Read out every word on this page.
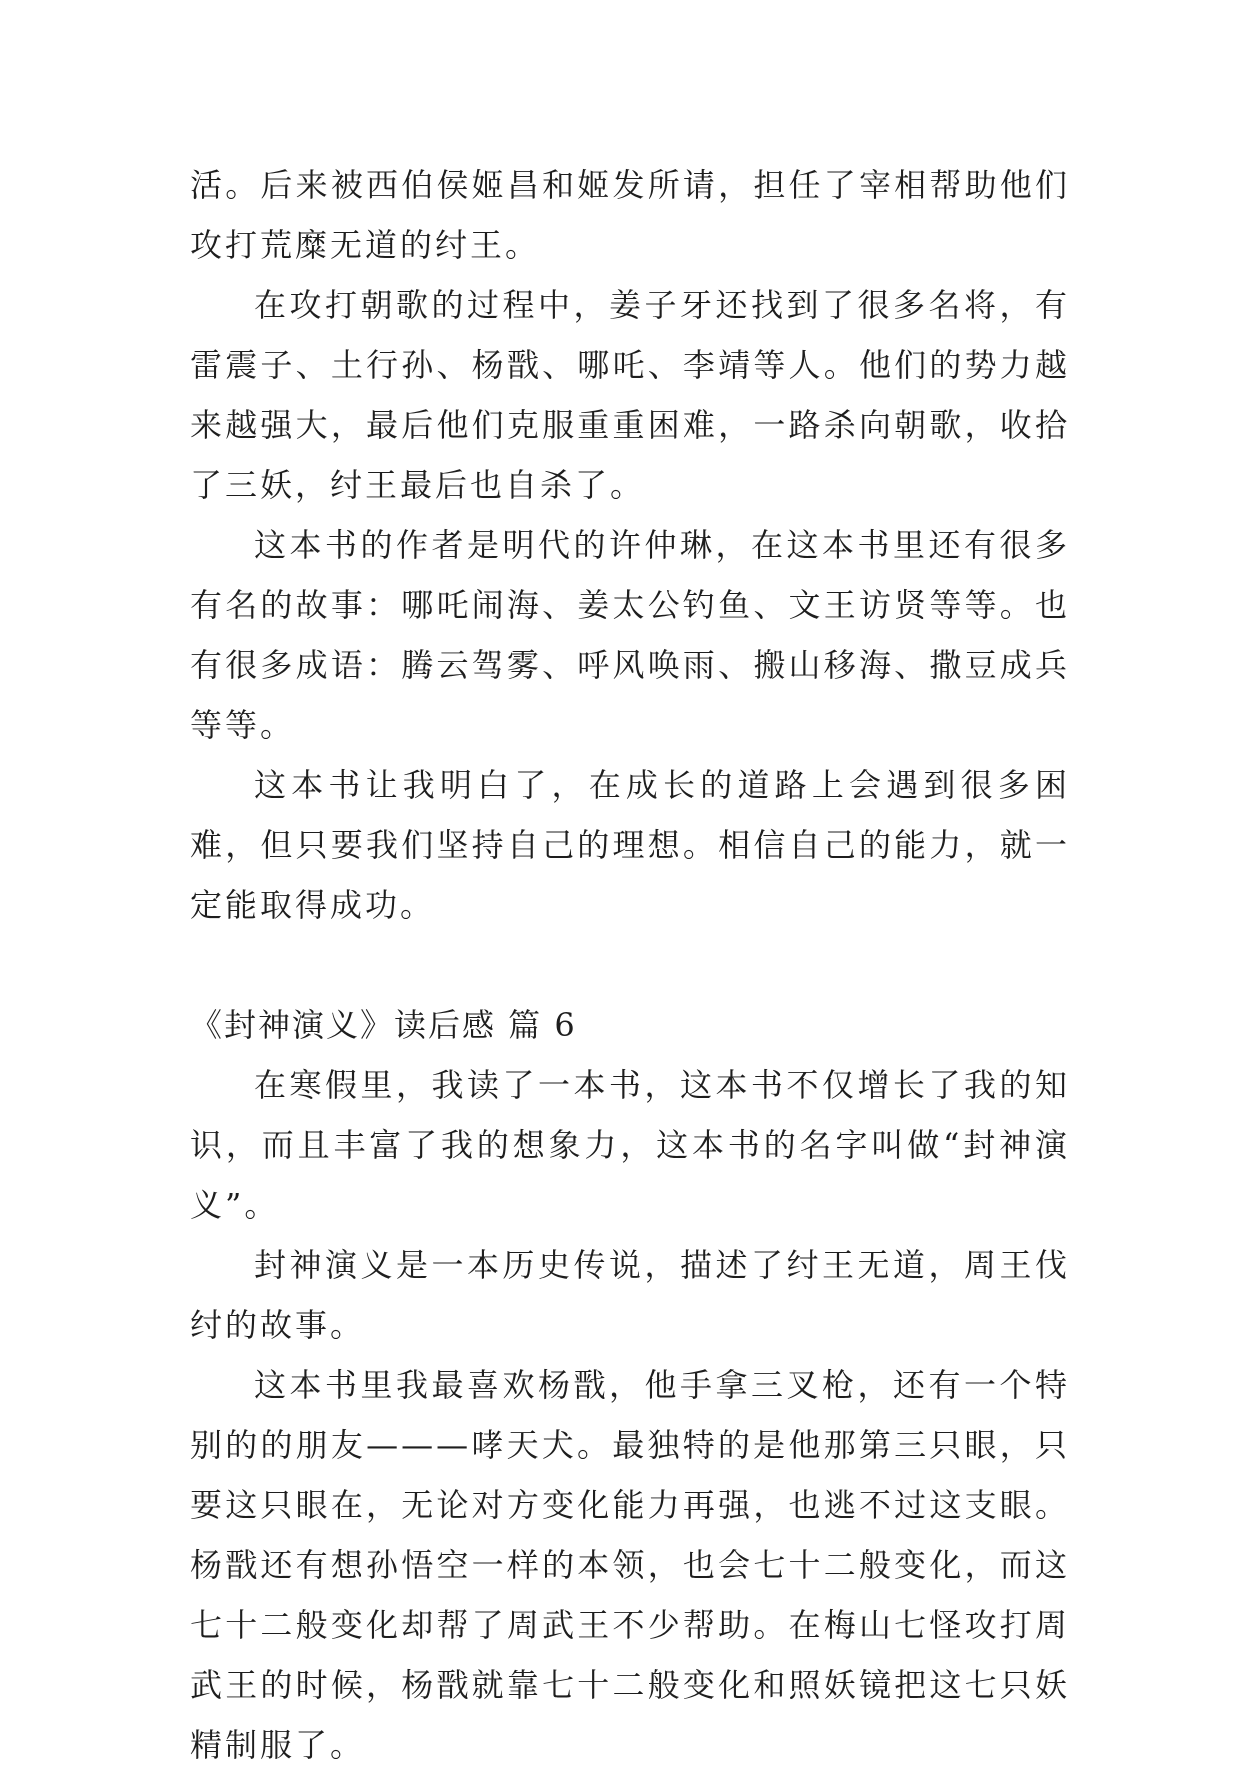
活。后来被西伯侯姬昌和姬发所请，担任了宰相帮助他们攻打荒糜无道的纣王。

在攻打朝歌的过程中，姜子牙还找到了很多名将，有雷震子、土行孙、杨戬、哪吒、李靖等人。他们的势力越来越强大，最后他们克服重重困难，一路杀向朝歌，收拾了三妖，纣王最后也自杀了。

这本书的作者是明代的许仲琳，在这本书里还有很多有名的故事：哪吒闹海、姜太公钓鱼、文王访贤等等。也有很多成语：腾云驾雾、呼风唤雨、搬山移海、撒豆成兵等等。

这本书让我明白了，在成长的道路上会遇到很多困难，但只要我们坚持自己的理想。相信自己的能力，就一定能取得成功。

《封神演义》读后感 篇 6

在寒假里，我读了一本书，这本书不仅增长了我的知识，而且丰富了我的想象力，这本书的名字叫做“封神演义”。

封神演义是一本历史传说，描述了纣王无道，周王伐纣的故事。

这本书里我最喜欢杨戬，他手拿三叉枪，还有一个特别的的朋友———哮天犬。最独特的是他那第三只眼，只要这只眼在，无论对方变化能力再强，也逃不过这支眼。杨戬还有想孙悟空一样的本领，也会七十二般变化，而这七十二般变化却帮了周武王不少帮助。在梅山七怪攻打周武王的时候，杨戬就靠七十二般变化和照妖镜把这七只妖精制服了。
